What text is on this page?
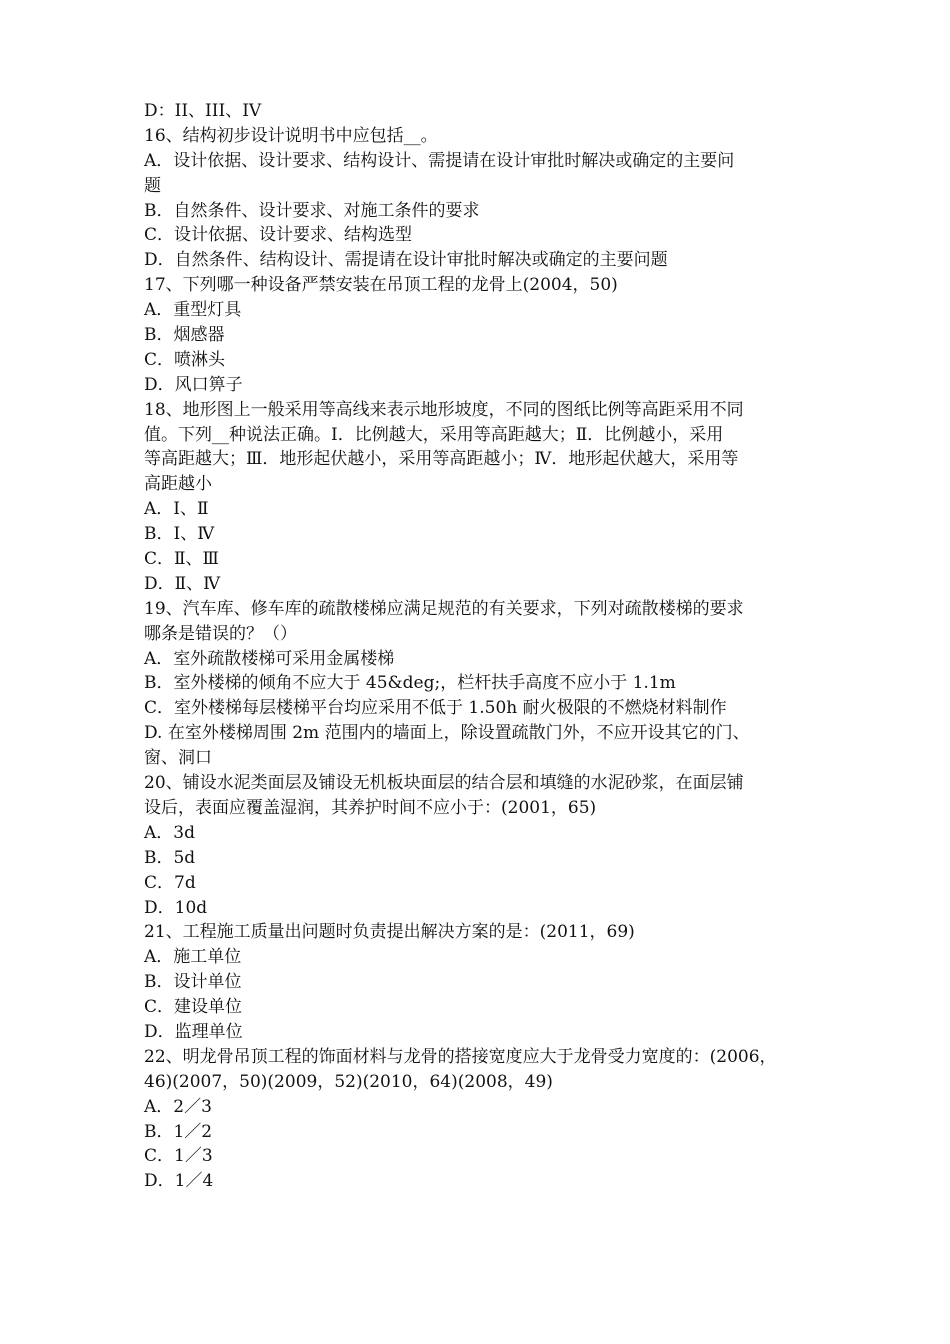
D：II、III、IV
16、结构初步设计说明书中应包括__。
A．设计依据、设计要求、结构设计、需提请在设计审批时解决或确定的主要问
题
B．自然条件、设计要求、对施工条件的要求
C．设计依据、设计要求、结构选型
D．自然条件、结构设计、需提请在设计审批时解决或确定的主要问题
17、下列哪一种设备严禁安装在吊顶工程的龙骨上(2004，50)
A．重型灯具
B．烟感器
C．喷淋头
D．风口箅子
18、地形图上一般采用等高线来表示地形坡度，不同的图纸比例等高距采用不同
值。下列__种说法正确。Ⅰ．比例越大，采用等高距越大；Ⅱ．比例越小，采用
等高距越大；Ⅲ．地形起伏越小，采用等高距越小；Ⅳ．地形起伏越大，采用等
高距越小
A．Ⅰ、Ⅱ
B．Ⅰ、Ⅳ
C．Ⅱ、Ⅲ
D．Ⅱ、Ⅳ
19、汽车库、修车库的疏散楼梯应满足规范的有关要求，下列对疏散楼梯的要求
哪条是错误的？（）
A．室外疏散楼梯可采用金属楼梯
B．室外楼梯的倾角不应大于 45&deg;，栏杆扶手高度不应小于 1.1m
C．室外楼梯每层楼梯平台均应采用不低于 1.50h 耐火极限的不燃烧材料制作
D. 在室外楼梯周围 2m 范围内的墙面上，除设置疏散门外，不应开设其它的门、
窗、洞口
20、铺设水泥类面层及铺设无机板块面层的结合层和填缝的水泥砂浆，在面层铺
设后，表面应覆盖湿润，其养护时间不应小于：(2001，65)
A．3d
B．5d
C．7d
D．10d
21、工程施工质量出问题时负责提出解决方案的是：(2011，69)
A．施工单位
B．设计单位
C．建设单位
D．监理单位
22、明龙骨吊顶工程的饰面材料与龙骨的搭接宽度应大于龙骨受力宽度的：(2006，
46)(2007，50)(2009，52)(2010，64)(2008，49)
A．2／3
B．1／2
C．1／3
D．1／4
